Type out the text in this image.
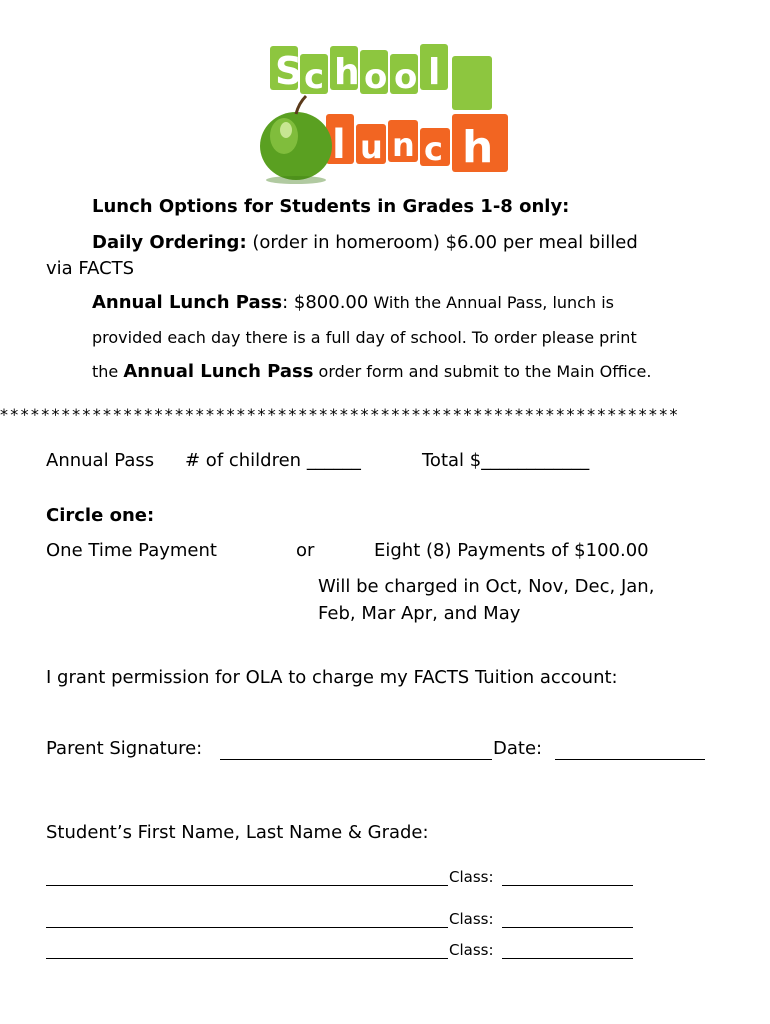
S c h o o l
l u n c h
Lunch Options for Students in Grades 1-8 only:
Daily Ordering: (order in homeroom) $6.00 per meal billed
via FACTS
Annual Lunch Pass: $800.00 With the Annual Pass, lunch is
provided each day there is a full day of school. To order please print
the Annual Lunch Pass order form and submit to the Main Office.
******************************************************************
Annual Pass # of children ______	Total $____________
Circle one:
One Time Payment	or	Eight (8) Payments of $100.00
Will be charged in Oct, Nov, Dec, Jan,
Feb, Mar Apr, and May
I grant permission for OLA to charge my FACTS Tuition account:
Parent Signature:	Date:
Student’s First Name, Last Name & Grade:
Class:
Class:
Class:
